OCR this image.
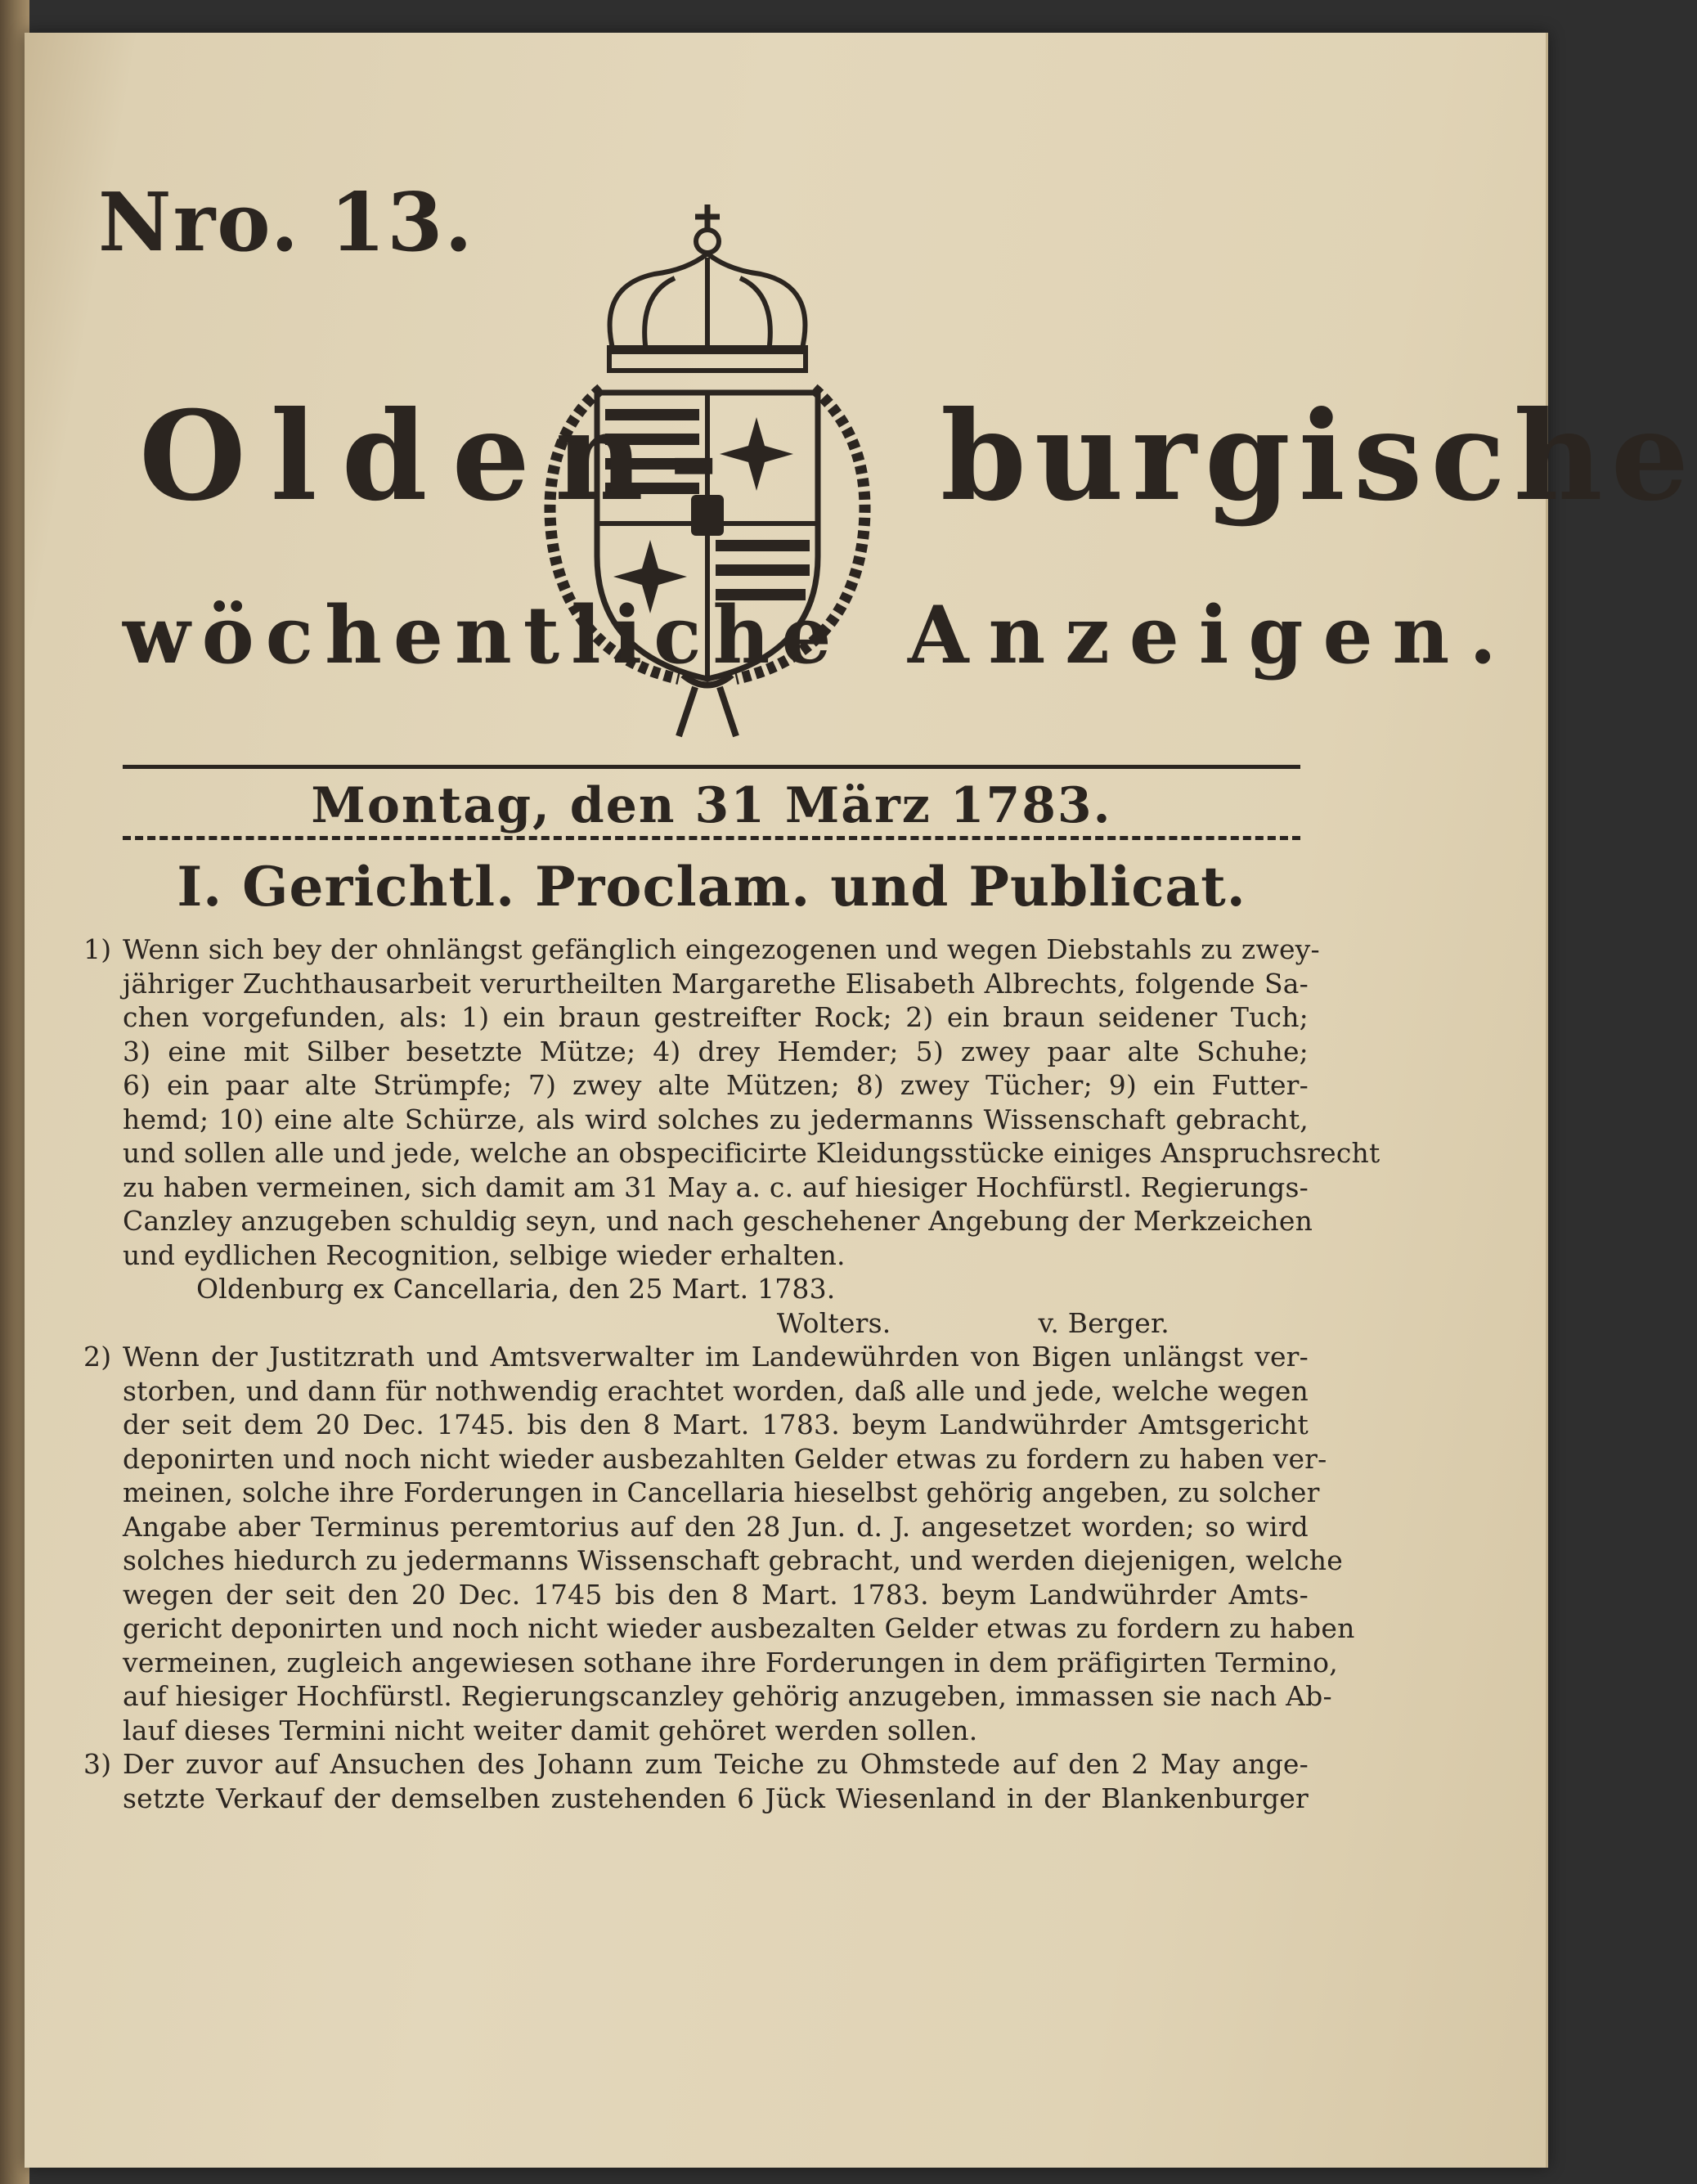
Nro. 13.
Olden- burgische
wöchentliche Anzeigen.
Montag, den 31 März 1783.
I. Gerichtl. Proclam. und Publicat.
Wenn sich bey der ohnlängst gefänglich eingezogenen und wegen Diebstahls zu zwey-
jähriger Zuchthausarbeit verurtheilten Margarethe Elisabeth Albrechts, folgende Sa-
chen vorgefunden, als: 1) ein braun gestreifter Rock; 2) ein braun seidener Tuch;
3) eine mit Silber besetzte Mütze; 4) drey Hemder; 5) zwey paar alte Schuhe;
6) ein paar alte Strümpfe; 7) zwey alte Mützen; 8) zwey Tücher; 9) ein Futter-
hemd; 10) eine alte Schürze, als wird solches zu jedermanns Wissenschaft gebracht,
und sollen alle und jede, welche an obspecificirte Kleidungsstücke einiges Anspruchsrecht
zu haben vermeinen, sich damit am 31 May a. c. auf hiesiger Hochfürstl. Regierungs-
Canzley anzugeben schuldig seyn, und nach geschehener Angebung der Merkzeichen
und eydlichen Recognition, selbige wieder erhalten.
Oldenburg ex Cancellaria, den 25 Mart. 1783.
Wolters.	v. Berger.
Wenn der Justitzrath und Amtsverwalter im Landewührden von Bigen unlängst ver-
storben, und dann für nothwendig erachtet worden, daß alle und jede, welche wegen
der seit dem 20 Dec. 1745. bis den 8 Mart. 1783. beym Landwührder Amtsgericht
deponirten und noch nicht wieder ausbezahlten Gelder etwas zu fordern zu haben ver-
meinen, solche ihre Forderungen in Cancellaria hieselbst gehörig angeben, zu solcher
Angabe aber Terminus peremtorius auf den 28 Jun. d. J. angesetzet worden; so wird
solches hiedurch zu jedermanns Wissenschaft gebracht, und werden diejenigen, welche
wegen der seit den 20 Dec. 1745 bis den 8 Mart. 1783. beym Landwührder Amts-
gericht deponirten und noch nicht wieder ausbezalten Gelder etwas zu fordern zu haben
vermeinen, zugleich angewiesen sothane ihre Forderungen in dem präfigirten Termino,
auf hiesiger Hochfürstl. Regierungscanzley gehörig anzugeben, immassen sie nach Ab-
lauf dieses Termini nicht weiter damit gehöret werden sollen.
Der zuvor auf Ansuchen des Johann zum Teiche zu Ohmstede auf den 2 May ange-
setzte Verkauf der demselben zustehenden 6 Jück Wiesenland in der Blankenburger
